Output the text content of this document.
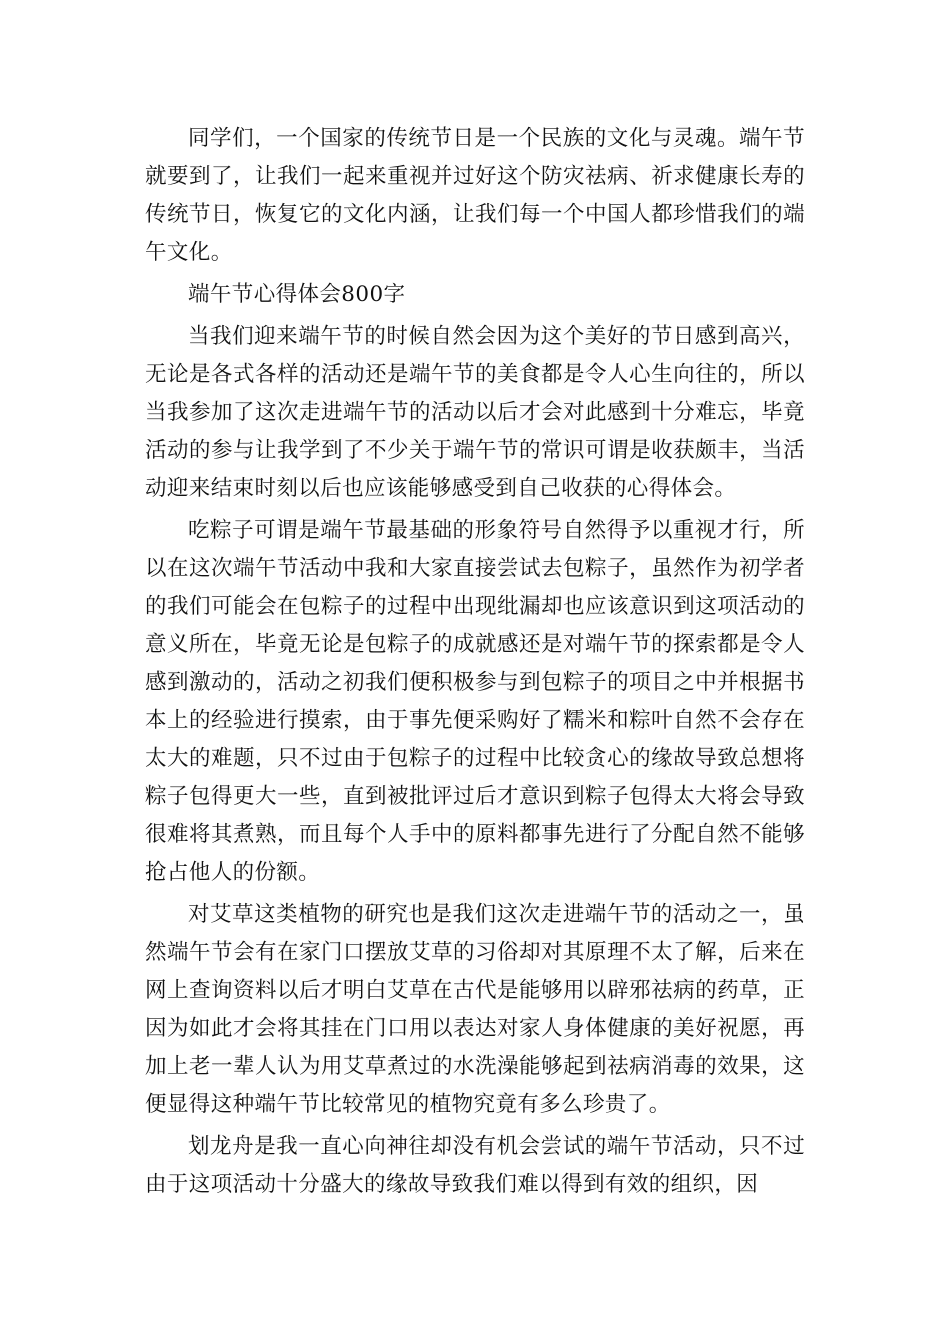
同学们，一个国家的传统节日是一个民族的文化与灵魂。端午节就要到了，让我们一起来重视并过好这个防灾祛病、祈求健康长寿的传统节日，恢复它的文化内涵，让我们每一个中国人都珍惜我们的端午文化。

端午节心得体会800字

当我们迎来端午节的时候自然会因为这个美好的节日感到高兴，无论是各式各样的活动还是端午节的美食都是令人心生向往的，所以当我参加了这次走进端午节的活动以后才会对此感到十分难忘，毕竟活动的参与让我学到了不少关于端午节的常识可谓是收获颇丰，当活动迎来结束时刻以后也应该能够感受到自己收获的心得体会。

吃粽子可谓是端午节最基础的形象符号自然得予以重视才行，所以在这次端午节活动中我和大家直接尝试去包粽子，虽然作为初学者的我们可能会在包粽子的过程中出现纰漏却也应该意识到这项活动的意义所在，毕竟无论是包粽子的成就感还是对端午节的探索都是令人感到激动的，活动之初我们便积极参与到包粽子的项目之中并根据书本上的经验进行摸索，由于事先便采购好了糯米和粽叶自然不会存在太大的难题，只不过由于包粽子的过程中比较贪心的缘故导致总想将粽子包得更大一些，直到被批评过后才意识到粽子包得太大将会导致很难将其煮熟，而且每个人手中的原料都事先进行了分配自然不能够抢占他人的份额。

对艾草这类植物的研究也是我们这次走进端午节的活动之一，虽然端午节会有在家门口摆放艾草的习俗却对其原理不太了解，后来在网上查询资料以后才明白艾草在古代是能够用以辟邪祛病的药草，正因为如此才会将其挂在门口用以表达对家人身体健康的美好祝愿，再加上老一辈人认为用艾草煮过的水洗澡能够起到祛病消毒的效果，这便显得这种端午节比较常见的植物究竟有多么珍贵了。

划龙舟是我一直心向神往却没有机会尝试的端午节活动，只不过由于这项活动十分盛大的缘故导致我们难以得到有效的组织，因
